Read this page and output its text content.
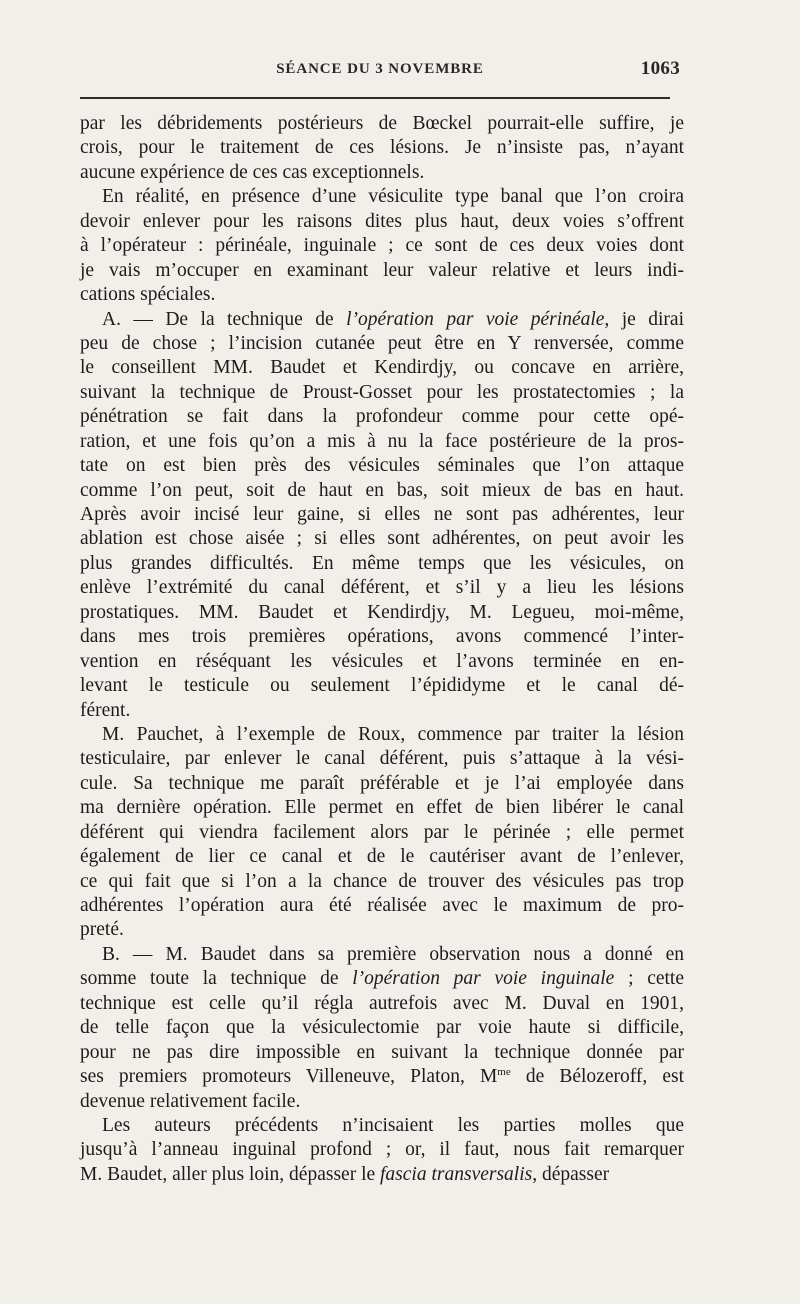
SÉANCE DU 3 NOVEMBRE	1063
par les débridements postérieurs de Bœckel pourrait-elle suffire, je
crois, pour le traitement de ces lésions. Je n’insiste pas, n’ayant
aucune expérience de ces cas exceptionnels.
En réalité, en présence d’une vésiculite type banal que l’on croira
devoir enlever pour les raisons dites plus haut, deux voies s’offrent
à l’opérateur : périnéale, inguinale ; ce sont de ces deux voies dont
je vais m’occuper en examinant leur valeur relative et leurs indi-
cations spéciales.
A. — De la technique de l’opération par voie périnéale, je dirai
peu de chose ; l’incision cutanée peut être en Y renversée, comme
le conseillent MM. Baudet et Kendirdjy, ou concave en arrière,
suivant la technique de Proust-Gosset pour les prostatectomies ; la
pénétration se fait dans la profondeur comme pour cette opé-
ration, et une fois qu’on a mis à nu la face postérieure de la pros-
tate on est bien près des vésicules séminales que l’on attaque
comme l’on peut, soit de haut en bas, soit mieux de bas en haut.
Après avoir incisé leur gaine, si elles ne sont pas adhérentes, leur
ablation est chose aisée ; si elles sont adhérentes, on peut avoir les
plus grandes difficultés. En même temps que les vésicules, on
enlève l’extrémité du canal déférent, et s’il y a lieu les lésions
prostatiques. MM. Baudet et Kendirdjy, M. Legueu, moi-même,
dans mes trois premières opérations, avons commencé l’inter-
vention en réséquant les vésicules et l’avons terminée en en-
levant le testicule ou seulement l’épididyme et le canal dé-
férent.
M. Pauchet, à l’exemple de Roux, commence par traiter la lésion
testiculaire, par enlever le canal déférent, puis s’attaque à la vési-
cule. Sa technique me paraît préférable et je l’ai employée dans
ma dernière opération. Elle permet en effet de bien libérer le canal
déférent qui viendra facilement alors par le périnée ; elle permet
également de lier ce canal et de le cautériser avant de l’enlever,
ce qui fait que si l’on a la chance de trouver des vésicules pas trop
adhérentes l’opération aura été réalisée avec le maximum de pro-
preté.
B. — M. Baudet dans sa première observation nous a donné en
somme toute la technique de l’opération par voie inguinale ; cette
technique est celle qu’il régla autrefois avec M. Duval en 1901,
de telle façon que la vésiculectomie par voie haute si difficile,
pour ne pas dire impossible en suivant la technique donnée par
ses premiers promoteurs Villeneuve, Platon, $M^{me}$ de Bélozeroff, est
devenue relativement facile.
Les auteurs précédents n’incisaient les parties molles que
jusqu’à l’anneau inguinal profond ; or, il faut, nous fait remarquer
M. Baudet, aller plus loin, dépasser le fascia transversalis, dépasser
